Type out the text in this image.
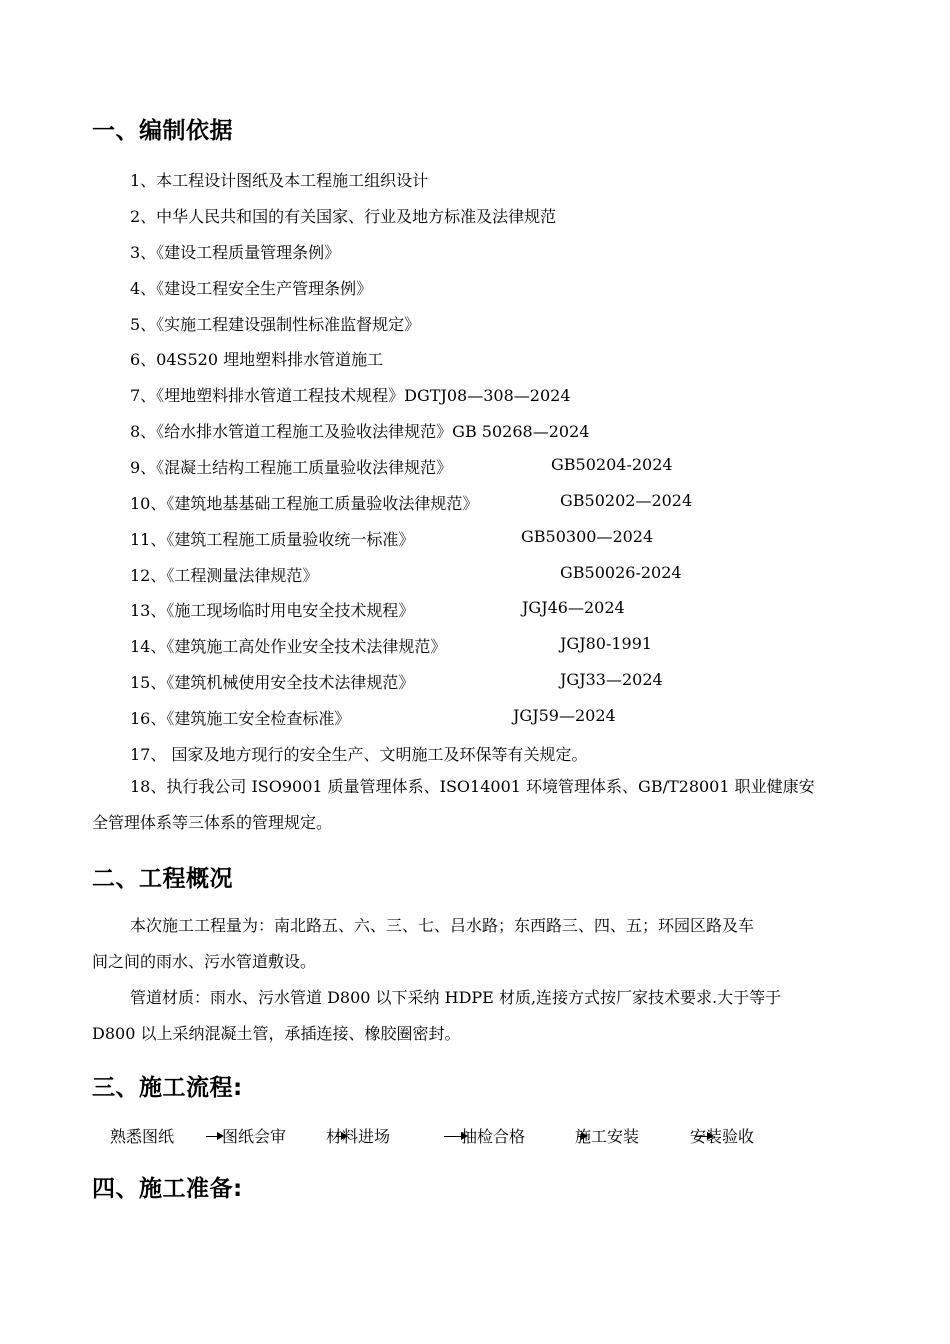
一、编制依据
1、本工程设计图纸及本工程施工组织设计
2、中华人民共和国的有关国家、行业及地方标准及法律规范
3、《建设工程质量管理条例》
4、《建设工程安全生产管理条例》
5、《实施工程建设强制性标准监督规定》
6、04S520 埋地塑料排水管道施工
7、《埋地塑料排水管道工程技术规程》DGTJ08—308—2024
8、《给水排水管道工程施工及验收法律规范》GB 50268—2024
9、《混凝土结构工程施工质量验收法律规范》	GB50204-2024
10、《建筑地基基础工程施工质量验收法律规范》	GB50202—2024
11、《建筑工程施工质量验收统一标准》	GB50300—2024
12、《工程测量法律规范》	GB50026-2024
13、《施工现场临时用电安全技术规程》	JGJ46—2024
14、《建筑施工高处作业安全技术法律规范》	JGJ80-1991
15、《建筑机械使用安全技术法律规范》	JGJ33—2024
16、《建筑施工安全检查标准》	JGJ59—2024
17、 国家及地方现行的安全生产、文明施工及环保等有关规定。
18、执行我公司 ISO9001 质量管理体系、ISO14001 环境管理体系、GB/T28001 职业健康安
全管理体系等三体系的管理规定。
二、工程概况
本次施工工程量为：南北路五、六、三、七、吕水路；东西路三、四、五；环园区路及车
间之间的雨水、污水管道敷设。
管道材质：雨水、污水管道 D800 以下采纳 HDPE 材质,连接方式按厂家技术要求.大于等于
D800 以上采纳混凝土管，承插连接、橡胶圈密封。
三、施工流程:
熟悉图纸	图纸会审 材料进场	抽检合格	施工安装	安装验收
四、施工准备:
